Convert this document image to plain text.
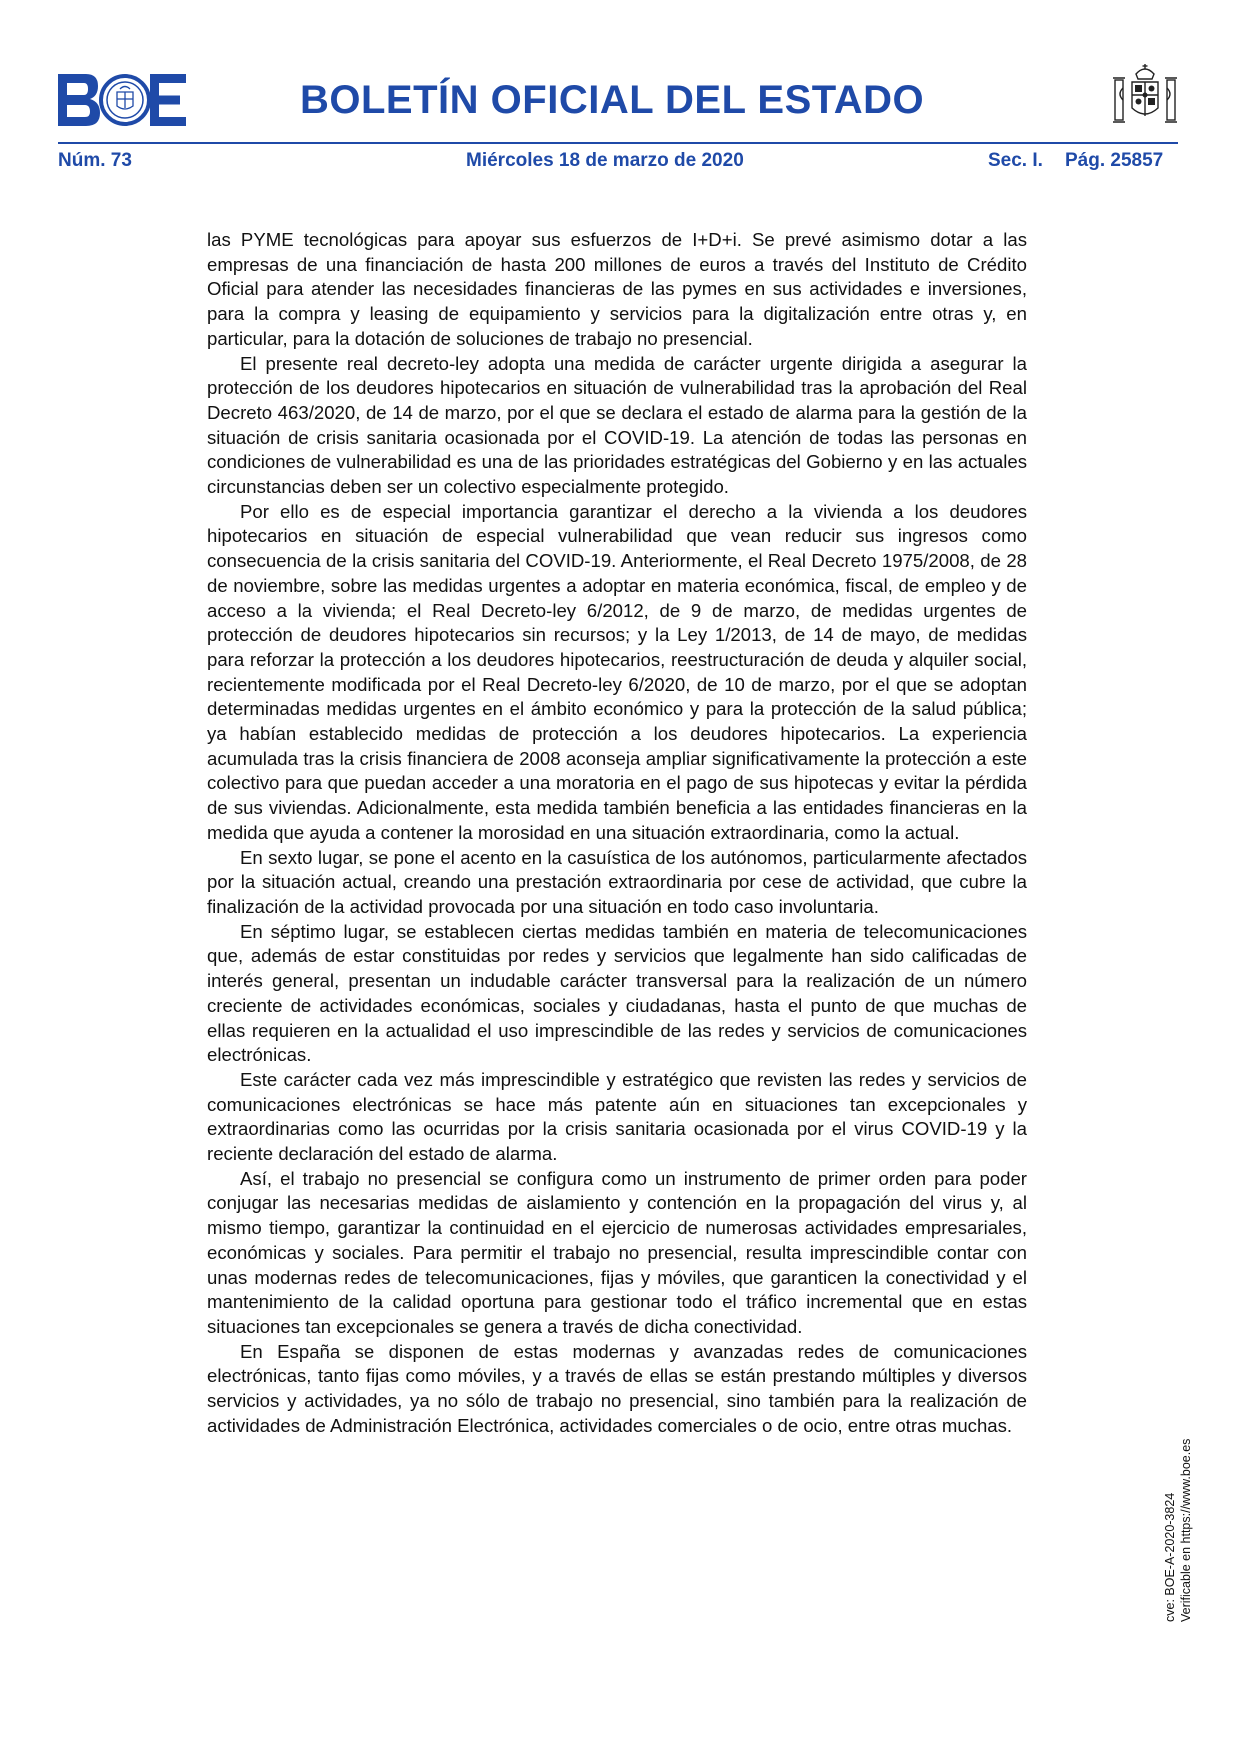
BOLETÍN OFICIAL DEL ESTADO
Núm. 73	Miércoles 18 de marzo de 2020	Sec. I. Pág. 25857

las PYME tecnológicas para apoyar sus esfuerzos de I+D+i. Se prevé asimismo dotar a las empresas de una financiación de hasta 200 millones de euros a través del Instituto de Crédito Oficial para atender las necesidades financieras de las pymes en sus actividades e inversiones, para la compra y leasing de equipamiento y servicios para la digitalización entre otras y, en particular, para la dotación de soluciones de trabajo no presencial.

El presente real decreto-ley adopta una medida de carácter urgente dirigida a asegurar la protección de los deudores hipotecarios en situación de vulnerabilidad tras la aprobación del Real Decreto 463/2020, de 14 de marzo, por el que se declara el estado de alarma para la gestión de la situación de crisis sanitaria ocasionada por el COVID-19. La atención de todas las personas en condiciones de vulnerabilidad es una de las prioridades estratégicas del Gobierno y en las actuales circunstancias deben ser un colectivo especialmente protegido.

Por ello es de especial importancia garantizar el derecho a la vivienda a los deudores hipotecarios en situación de especial vulnerabilidad que vean reducir sus ingresos como consecuencia de la crisis sanitaria del COVID-19. Anteriormente, el Real Decreto 1975/2008, de 28 de noviembre, sobre las medidas urgentes a adoptar en materia económica, fiscal, de empleo y de acceso a la vivienda; el Real Decreto-ley 6/2012, de 9 de marzo, de medidas urgentes de protección de deudores hipotecarios sin recursos; y la Ley 1/2013, de 14 de mayo, de medidas para reforzar la protección a los deudores hipotecarios, reestructuración de deuda y alquiler social, recientemente modificada por el Real Decreto-ley 6/2020, de 10 de marzo, por el que se adoptan determinadas medidas urgentes en el ámbito económico y para la protección de la salud pública; ya habían establecido medidas de protección a los deudores hipotecarios. La experiencia acumulada tras la crisis financiera de 2008 aconseja ampliar significativamente la protección a este colectivo para que puedan acceder a una moratoria en el pago de sus hipotecas y evitar la pérdida de sus viviendas. Adicionalmente, esta medida también beneficia a las entidades financieras en la medida que ayuda a contener la morosidad en una situación extraordinaria, como la actual.

En sexto lugar, se pone el acento en la casuística de los autónomos, particularmente afectados por la situación actual, creando una prestación extraordinaria por cese de actividad, que cubre la finalización de la actividad provocada por una situación en todo caso involuntaria.

En séptimo lugar, se establecen ciertas medidas también en materia de telecomunicaciones que, además de estar constituidas por redes y servicios que legalmente han sido calificadas de interés general, presentan un indudable carácter transversal para la realización de un número creciente de actividades económicas, sociales y ciudadanas, hasta el punto de que muchas de ellas requieren en la actualidad el uso imprescindible de las redes y servicios de comunicaciones electrónicas.

Este carácter cada vez más imprescindible y estratégico que revisten las redes y servicios de comunicaciones electrónicas se hace más patente aún en situaciones tan excepcionales y extraordinarias como las ocurridas por la crisis sanitaria ocasionada por el virus COVID-19 y la reciente declaración del estado de alarma.

Así, el trabajo no presencial se configura como un instrumento de primer orden para poder conjugar las necesarias medidas de aislamiento y contención en la propagación del virus y, al mismo tiempo, garantizar la continuidad en el ejercicio de numerosas actividades empresariales, económicas y sociales. Para permitir el trabajo no presencial, resulta imprescindible contar con unas modernas redes de telecomunicaciones, fijas y móviles, que garanticen la conectividad y el mantenimiento de la calidad oportuna para gestionar todo el tráfico incremental que en estas situaciones tan excepcionales se genera a través de dicha conectividad.

En España se disponen de estas modernas y avanzadas redes de comunicaciones electrónicas, tanto fijas como móviles, y a través de ellas se están prestando múltiples y diversos servicios y actividades, ya no sólo de trabajo no presencial, sino también para la realización de actividades de Administración Electrónica, actividades comerciales o de ocio, entre otras muchas.

cve: BOE-A-2020-3824 Verificable en https://www.boe.es
